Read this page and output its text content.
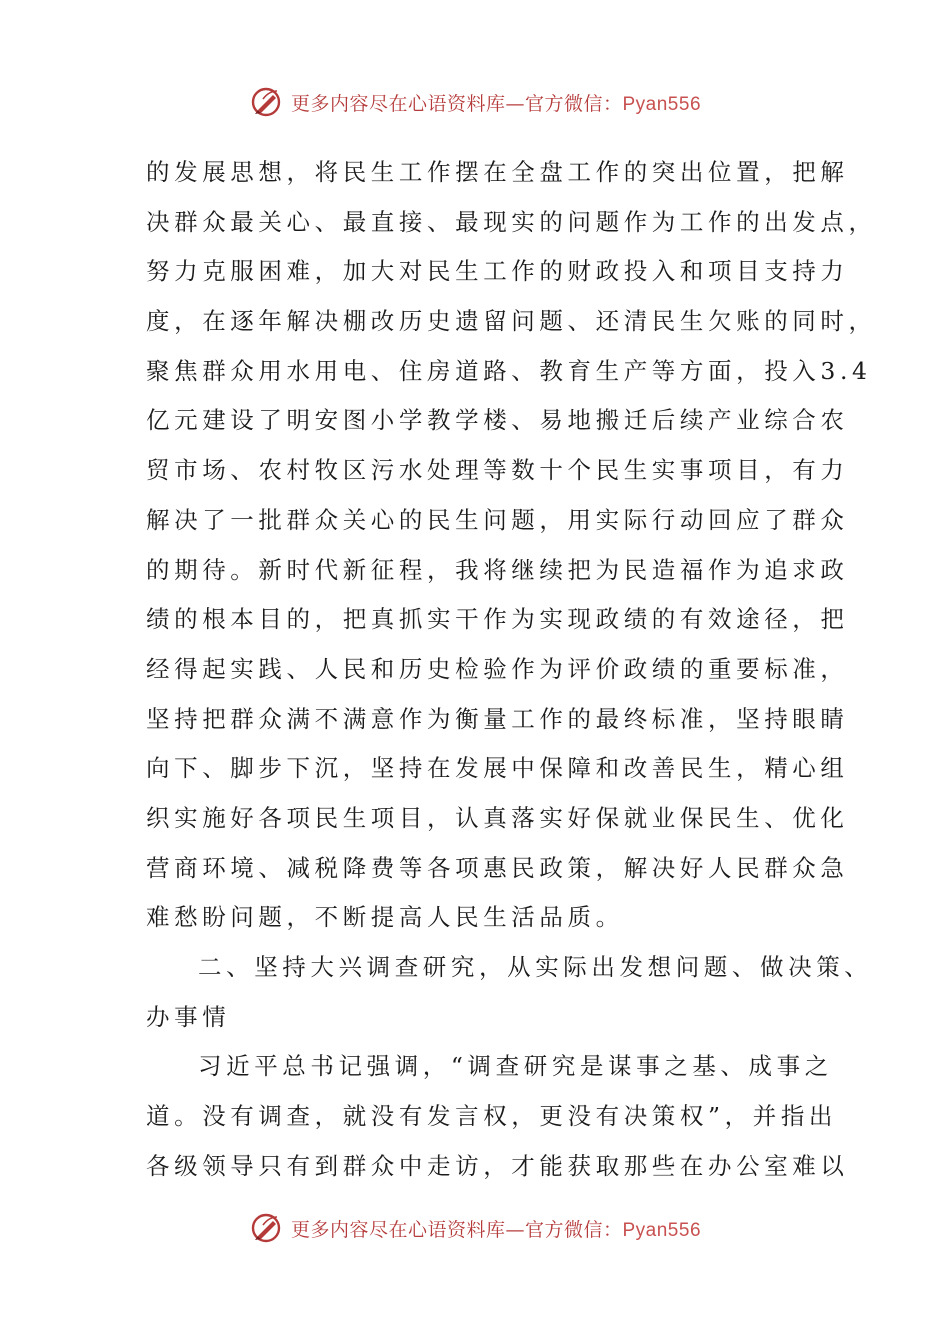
更多内容尽在心语资料库—官方微信：Pyan556
的发展思想，将民生工作摆在全盘工作的突出位置，把解
决群众最关心、最直接、最现实的问题作为工作的出发点，
努力克服困难，加大对民生工作的财政投入和项目支持力
度，在逐年解决棚改历史遗留问题、还清民生欠账的同时，
聚焦群众用水用电、住房道路、教育生产等方面，投入3.4
亿元建设了明安图小学教学楼、易地搬迁后续产业综合农
贸市场、农村牧区污水处理等数十个民生实事项目，有力
解决了一批群众关心的民生问题，用实际行动回应了群众
的期待。新时代新征程，我将继续把为民造福作为追求政
绩的根本目的，把真抓实干作为实现政绩的有效途径，把
经得起实践、人民和历史检验作为评价政绩的重要标准，
坚持把群众满不满意作为衡量工作的最终标准，坚持眼睛
向下、脚步下沉，坚持在发展中保障和改善民生，精心组
织实施好各项民生项目，认真落实好保就业保民生、优化
营商环境、减税降费等各项惠民政策，解决好人民群众急
难愁盼问题，不断提高人民生活品质。
二、坚持大兴调查研究，从实际出发想问题、做决策、
办事情
习近平总书记强调，“调查研究是谋事之基、成事之
道。没有调查，就没有发言权，更没有决策权”，并指出
各级领导只有到群众中走访，才能获取那些在办公室难以
更多内容尽在心语资料库—官方微信：Pyan556
